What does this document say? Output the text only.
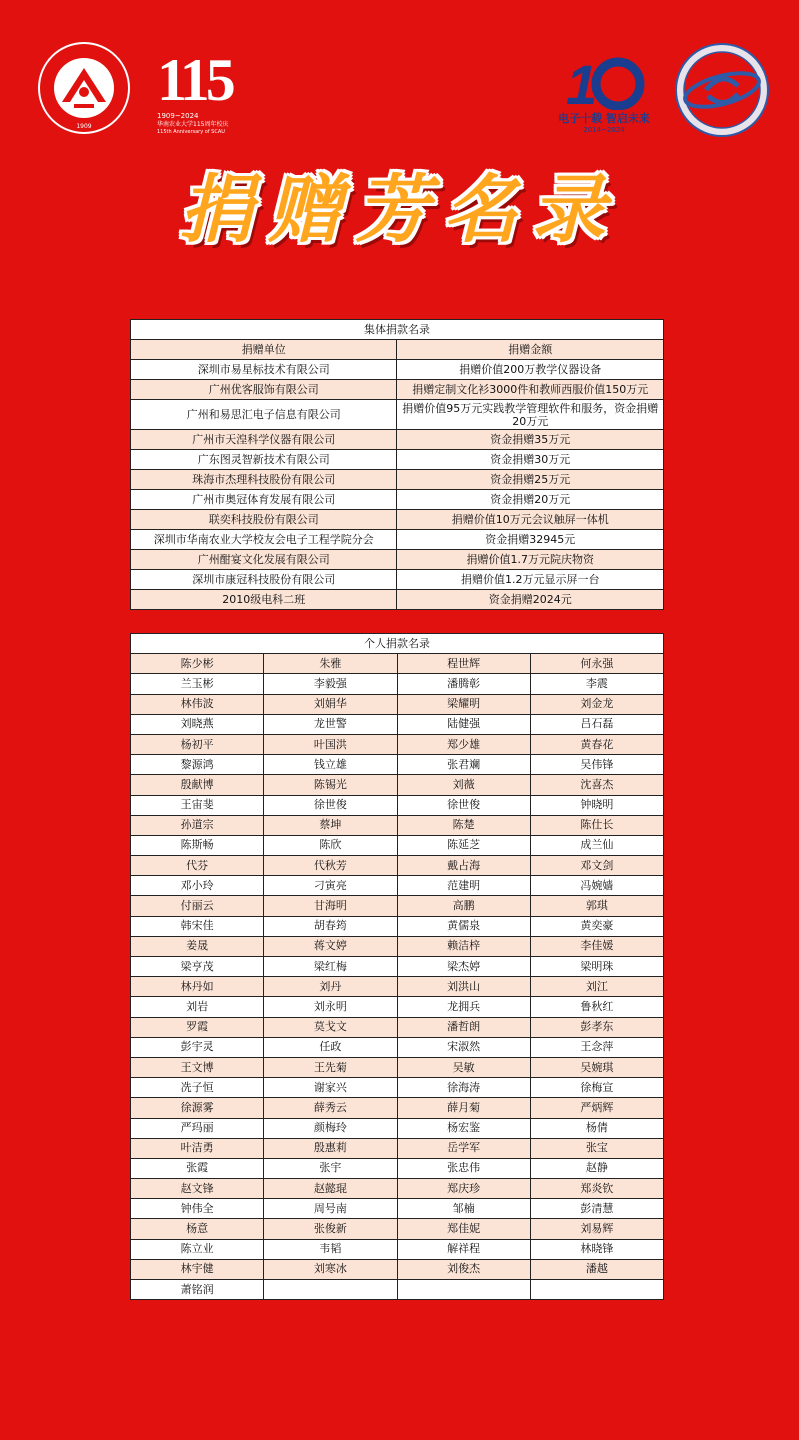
1909
115
1909~2024
华南农业大学115周年校庆
115th Anniversary of SCAU
1
电子十载 智启未来
2014~2024
捐赠芳名录
集体捐款名录	
捐赠单位	捐赠金额
深圳市易星标技术有限公司	捐赠价值200万教学仪器设备
广州优客服饰有限公司	捐赠定制文化衫3000件和教师西服价值150万元
广州和易思汇电子信息有限公司	捐赠价值95万元实践教学管理软件和服务，资金捐赠20万元
广州市天湟科学仪器有限公司	资金捐赠35万元
广东图灵智新技术有限公司	资金捐赠30万元
珠海市杰理科技股份有限公司	资金捐赠25万元
广州市奥冠体育发展有限公司	资金捐赠20万元
联奕科技股份有限公司	捐赠价值10万元会议触屏一体机
深圳市华南农业大学校友会电子工程学院分会	资金捐赠32945元
广州酣宴文化发展有限公司	捐赠价值1.7万元院庆物资
深圳市康冠科技股份有限公司	捐赠价值1.2万元显示屏一台
2010级电科二班	资金捐赠2024元
个人捐款名录			
陈少彬	朱雅	程世辉	何永强
兰玉彬	李毅强	潘腾彰	李震
林伟波	刘娟华	梁耀明	刘金龙
刘晓燕	龙世警	陆健强	吕石磊
杨初平	叶国洪	郑少雄	黄春花
黎源鸿	钱立雄	张君斓	吴伟锋
殷献博	陈锡光	刘薇	沈喜杰
王宙斐	徐世俊	徐世俊	钟晓明
孙道宗	蔡坤	陈楚	陈仕长
陈斯畅	陈欣	陈延芝	成兰仙
代芬	代秋芳	戴占海	邓文剑
邓小玲	刁寅亮	范建明	冯婉嫱
付丽云	甘海明	高鹏	郭琪
韩宋佳	胡春筠	黄儒泉	黄奕豪
姜晟	蒋文婷	赖洁梓	李佳媛
梁亨茂	梁红梅	梁杰婷	梁明珠
林丹如	刘丹	刘洪山	刘江
刘岩	刘永明	龙拥兵	鲁秋红
罗霞	莫戈文	潘哲朗	彭孝东
彭宇灵	任政	宋淑然	王念萍
王文博	王先菊	吴敏	吴婉琪
冼子恒	谢家兴	徐海涛	徐梅宣
徐源雾	薛秀云	薛月菊	严炳辉
严玛丽	颜梅玲	杨宏鉴	杨倩
叶洁勇	殷惠莉	岳学军	张宝
张霞	张宇	张忠伟	赵静
赵文锋	赵懿琨	郑庆珍	郑炎钦
钟伟全	周号南	邹楠	彭清慧
杨意	张俊新	郑佳妮	刘易辉
陈立业	韦韬	解祥程	林晓锋
林宇健	刘寒冰	刘俊杰	潘越
萧铭润			
